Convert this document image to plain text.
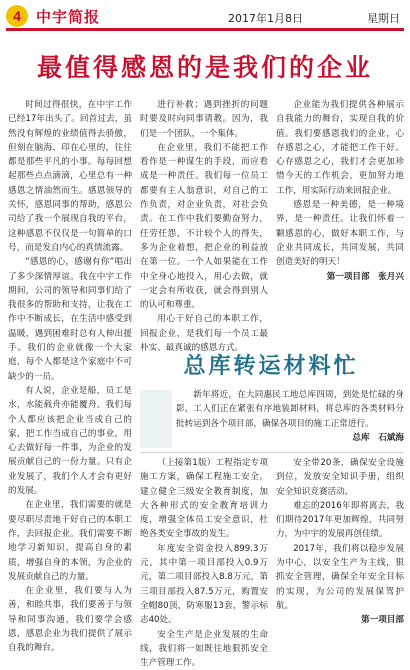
4	中宇简报	2017年1月8日	星期日
最值得感恩的是我们的企业

时间过得很快，在中宇工作已经17年出头了。回首过去，虽然没有辉煌的业绩值得去骄傲，但刻在脑海、印在心里的，往往都是那些平凡的小事。每每回想起那些点点滴滴，心里总有一种感恩之情油然而生。感恩领导的关怀，感恩同事的帮助，感恩公司给了我一个展现自我的平台，这种感恩不仅仅是一句简单的口号，而是发自内心的真情流露。

“感恩的心，感谢有你”唱出了多少深情厚谊。我在中宇工作期间，公司的领导和同事们给了我很多的帮助和支持，让我在工作中不断成长，在生活中感受到温暖，遇到困难时总有人伸出援手。我们的企业就像一个大家庭，每个人都是这个家庭中不可缺少的一员。

有人说，企业是船，员工是水，水能载舟亦能覆舟。我们每个人都应该把企业当成自己的家，把工作当成自己的事业，用心去做好每一件事，为企业的发展贡献自己的一份力量。只有企业发展了，我们个人才会有更好的发展。

在企业里，我们需要的就是要尽职尽责地干好自己的本职工作，去回报企业。我们需要不断地学习新知识，提高自身的素质，增强自身的本领，为企业的发展贡献自己的力量。

在企业里，我们要与人为善，和睦共事，我们要善于与领导和同事沟通，我们要学会感恩，感恩企业为我们提供了展示自我的舞台。

进行补救；遇到挫折的问题时要及时向同事请教。因为，我们是一个团队，一个集体。

在企业里，我们不能把工作看作是一种谋生的手段，而应看成是一种责任。我们每一位员工都要有主人翁意识，对自己的工作负责，对企业负责，对社会负责。在工作中我们要勤奋努力，任劳任怨，不计较个人的得失，多为企业着想，把企业的利益放在第一位。一个人如果能在工作中全身心地投入，用心去做，就一定会有所收获，就会得到别人的认可和尊重。

用心干好自己的本职工作，回报企业，是我们每一个员工最朴实、最真诚的感恩方式。

企业能为我们提供各种展示自我能力的舞台，实现自我的价值。我们要感恩我们的企业，心存感恩之心，才能把工作干好。心存感恩之心，我们才会更加珍惜今天的工作机会，更加努力地工作，用实际行动来回报企业。

感恩是一种美德，是一种境界，是一种责任。让我们怀着一颗感恩的心，做好本职工作，与企业共同成长，共同发展，共同创造美好的明天！

第一项目部　张月兴

总库转运材料忙

新年将近，在大同惠民工地总库四周，到处是忙碌的身影，工人们正在紧张有序地装卸材料，将总库的各类材料分批转运到各个项目部，确保各项目的施工正常进行。

总库　石斌海

（上接第1版）工程指定专项施工方案，确保工程施工安全。建立健全三级安全教育制度，加大各种形式的安全教育培训力度，增强全体员工安全意识，杜绝各类安全事故的发生。

年度安全资金投入899.3万元，其中第一项目部投入0.9万元，第二项目部投入8.8万元，第三项目部投入87.5万元，购置安全帽80顶，防寒服13套，警示标志40处。

安全生产是企业发展的生命线，我们将一如既往地狠抓安全生产管理工作。

安全带20条，确保安全设施到位，发放安全知识手册，组织安全知识竞赛活动。

难忘的2016年即将离去，我们期待2017年更加辉煌，共同努力，为中宇的发展再创佳绩。

2017年，我们将以稳步发展为中心，以安全生产为主线，狠抓安全管理，确保全年安全目标的实现，为公司的发展保驾护航。

第一项目部
